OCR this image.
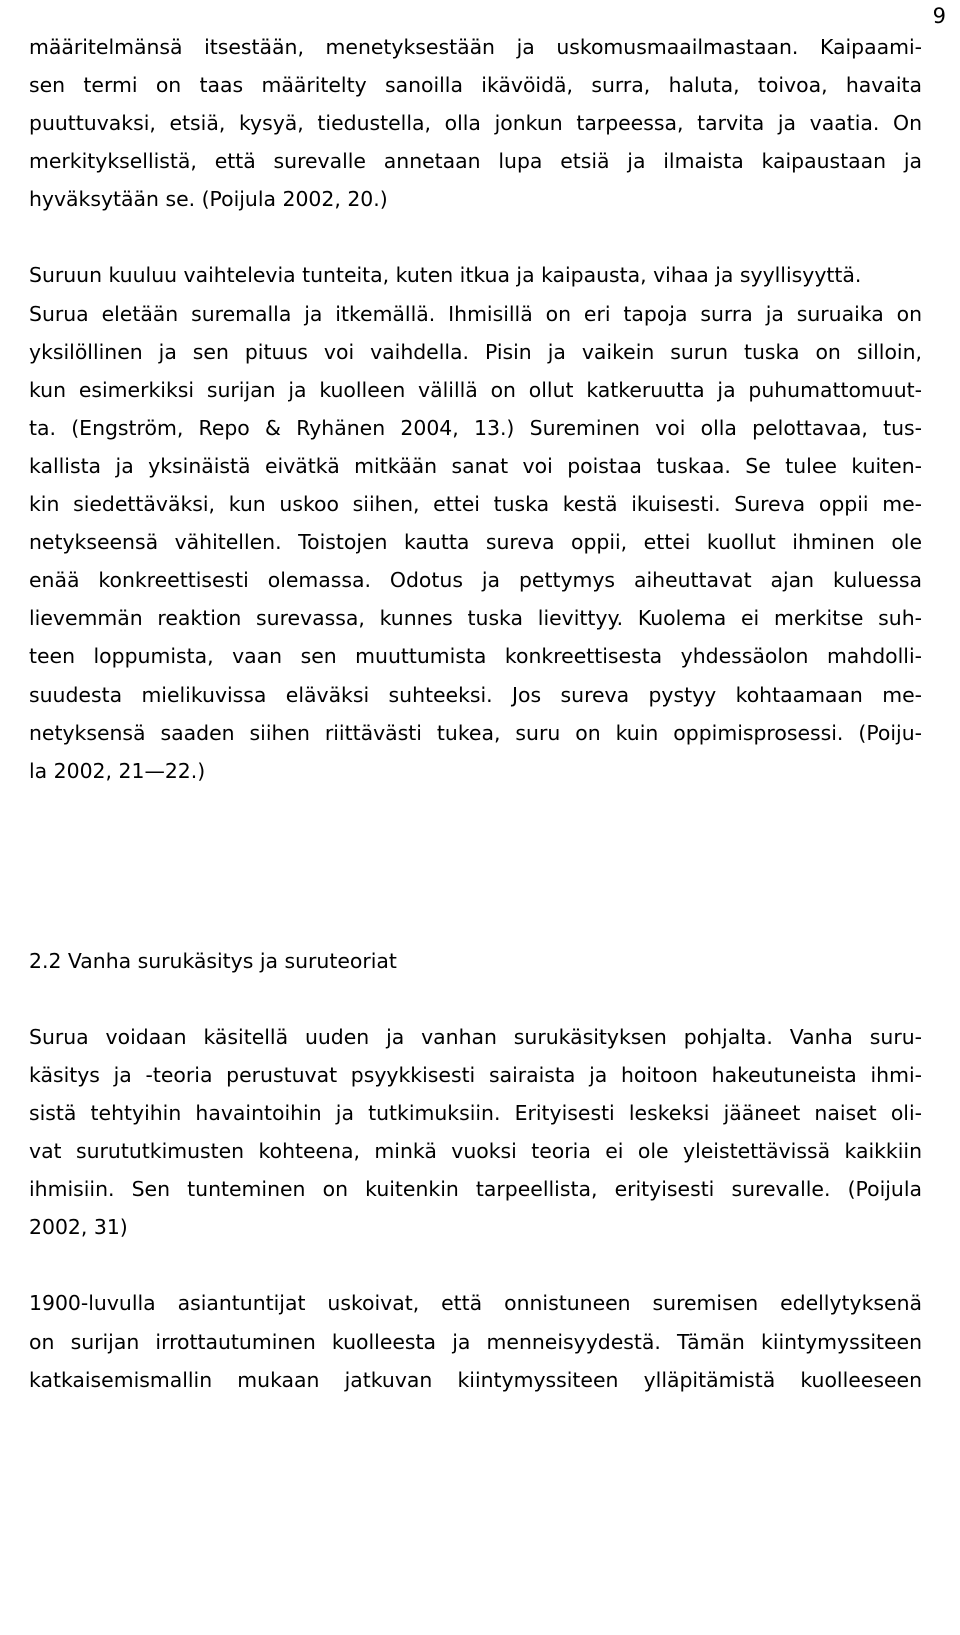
9

määritelmänsä itsestään, menetyksestään ja uskomusmaailmastaan. Kaipaami-
sen termi on taas määritelty sanoilla ikävöidä, surra, haluta, toivoa, havaita
puuttuvaksi, etsiä, kysyä, tiedustella, olla jonkun tarpeessa, tarvita ja vaatia. On
merkityksellistä, että surevalle annetaan lupa etsiä ja ilmaista kaipaustaan ja
hyväksytään se. (Poijula 2002, 20.)

Suruun kuuluu vaihtelevia tunteita, kuten itkua ja kaipausta, vihaa ja syyllisyyttä.
Surua eletään suremalla ja itkemällä. Ihmisillä on eri tapoja surra ja suruaika on
yksilöllinen ja sen pituus voi vaihdella. Pisin ja vaikein surun tuska on silloin,
kun esimerkiksi surijan ja kuolleen välillä on ollut katkeruutta ja puhumattomuut-
ta. (Engström, Repo & Ryhänen 2004, 13.) Sureminen voi olla pelottavaa, tus-
kallista ja yksinäistä eivätkä mitkään sanat voi poistaa tuskaa. Se tulee kuiten-
kin siedettäväksi, kun uskoo siihen, ettei tuska kestä ikuisesti. Sureva oppii me-
netykseensä vähitellen. Toistojen kautta sureva oppii, ettei kuollut ihminen ole
enää konkreettisesti olemassa. Odotus ja pettymys aiheuttavat ajan kuluessa
lievemmän reaktion surevassa, kunnes tuska lievittyy. Kuolema ei merkitse suh-
teen loppumista, vaan sen muuttumista konkreettisesta yhdessäolon mahdolli-
suudesta mielikuvissa eläväksi suhteeksi. Jos sureva pystyy kohtaamaan me-
netyksensä saaden siihen riittävästi tukea, suru on kuin oppimisprosessi. (Poiju-
la 2002, 21—22.)

2.2 Vanha surukäsitys ja suruteoriat

Surua voidaan käsitellä uuden ja vanhan surukäsityksen pohjalta. Vanha suru-
käsitys ja -teoria perustuvat psyykkisesti sairaista ja hoitoon hakeutuneista ihmi-
sistä tehtyihin havaintoihin ja tutkimuksiin. Erityisesti leskeksi jääneet naiset oli-
vat surututkimusten kohteena, minkä vuoksi teoria ei ole yleistettävissä kaikkiin
ihmisiin. Sen tunteminen on kuitenkin tarpeellista, erityisesti surevalle. (Poijula
2002, 31)

1900-luvulla asiantuntijat uskoivat, että onnistuneen suremisen edellytyksenä
on surijan irrottautuminen kuolleesta ja menneisyydestä. Tämän kiintymyssiteen
katkaisemismallin mukaan jatkuvan kiintymyssiteen ylläpitämistä kuolleeseen
